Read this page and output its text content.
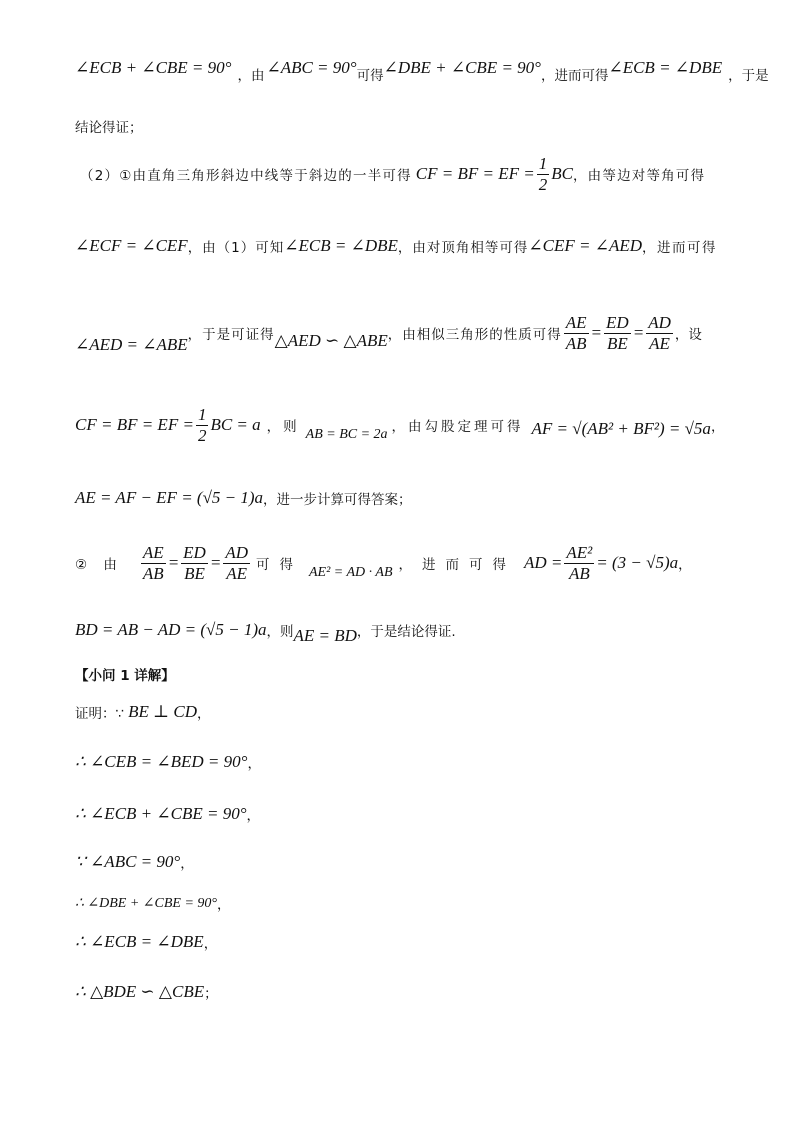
∠ECB + ∠CBE = 90° ，由 ∠ABC = 90° 可得 ∠DBE + ∠CBE = 90° ，进而可得 ∠ECB = ∠DBE ，于是
结论得证；
（2）①由直角三角形斜边中线等于斜边的一半可得 CF = BF = EF = $\frac{1}{2}$ BC ，由等边对等角可得
∠ECF = ∠CEF ，由（1）可知 ∠ECB = ∠DBE ，由对顶角相等可得 ∠CEF = ∠AED ，进而可得
∠AED = ∠ABE ，于是可证得 △AED ∽ △ABE ，由相似三角形的性质可得 $\frac{AE}{AB} = \frac{ED}{BE} = \frac{AD}{AE}$ ，设
CF = BF = EF = $\frac{1}{2}$ BC = a ，则 AB = BC = 2a ，由勾股定理可得 AF = √(AB² + BF²) = √5a ，
AE = AF − EF = (√5 − 1)a ，进一步计算可得答案；
② 由 $\frac{AE}{AB} = \frac{ED}{BE} = \frac{AD}{AE}$ 可得 AE² = AD · AB ，进而可得 AD = $\frac{\text{AE²}}{AB} = (3 - √5)a$ ，
BD = AB − AD = (√5 − 1)a ，则 AE = BD ，于是结论得证.
【小问 1 详解】
证明：∵ BE ⊥ CD ，
∴ ∠CEB = ∠BED = 90° ，
∴ ∠ECB + ∠CBE = 90° ，
∵ ∠ABC = 90° ，
∴ ∠DBE + ∠CBE = 90° ，
∴ ∠ECB = ∠DBE ，
∴ △BDE ∽ △CBE ；
